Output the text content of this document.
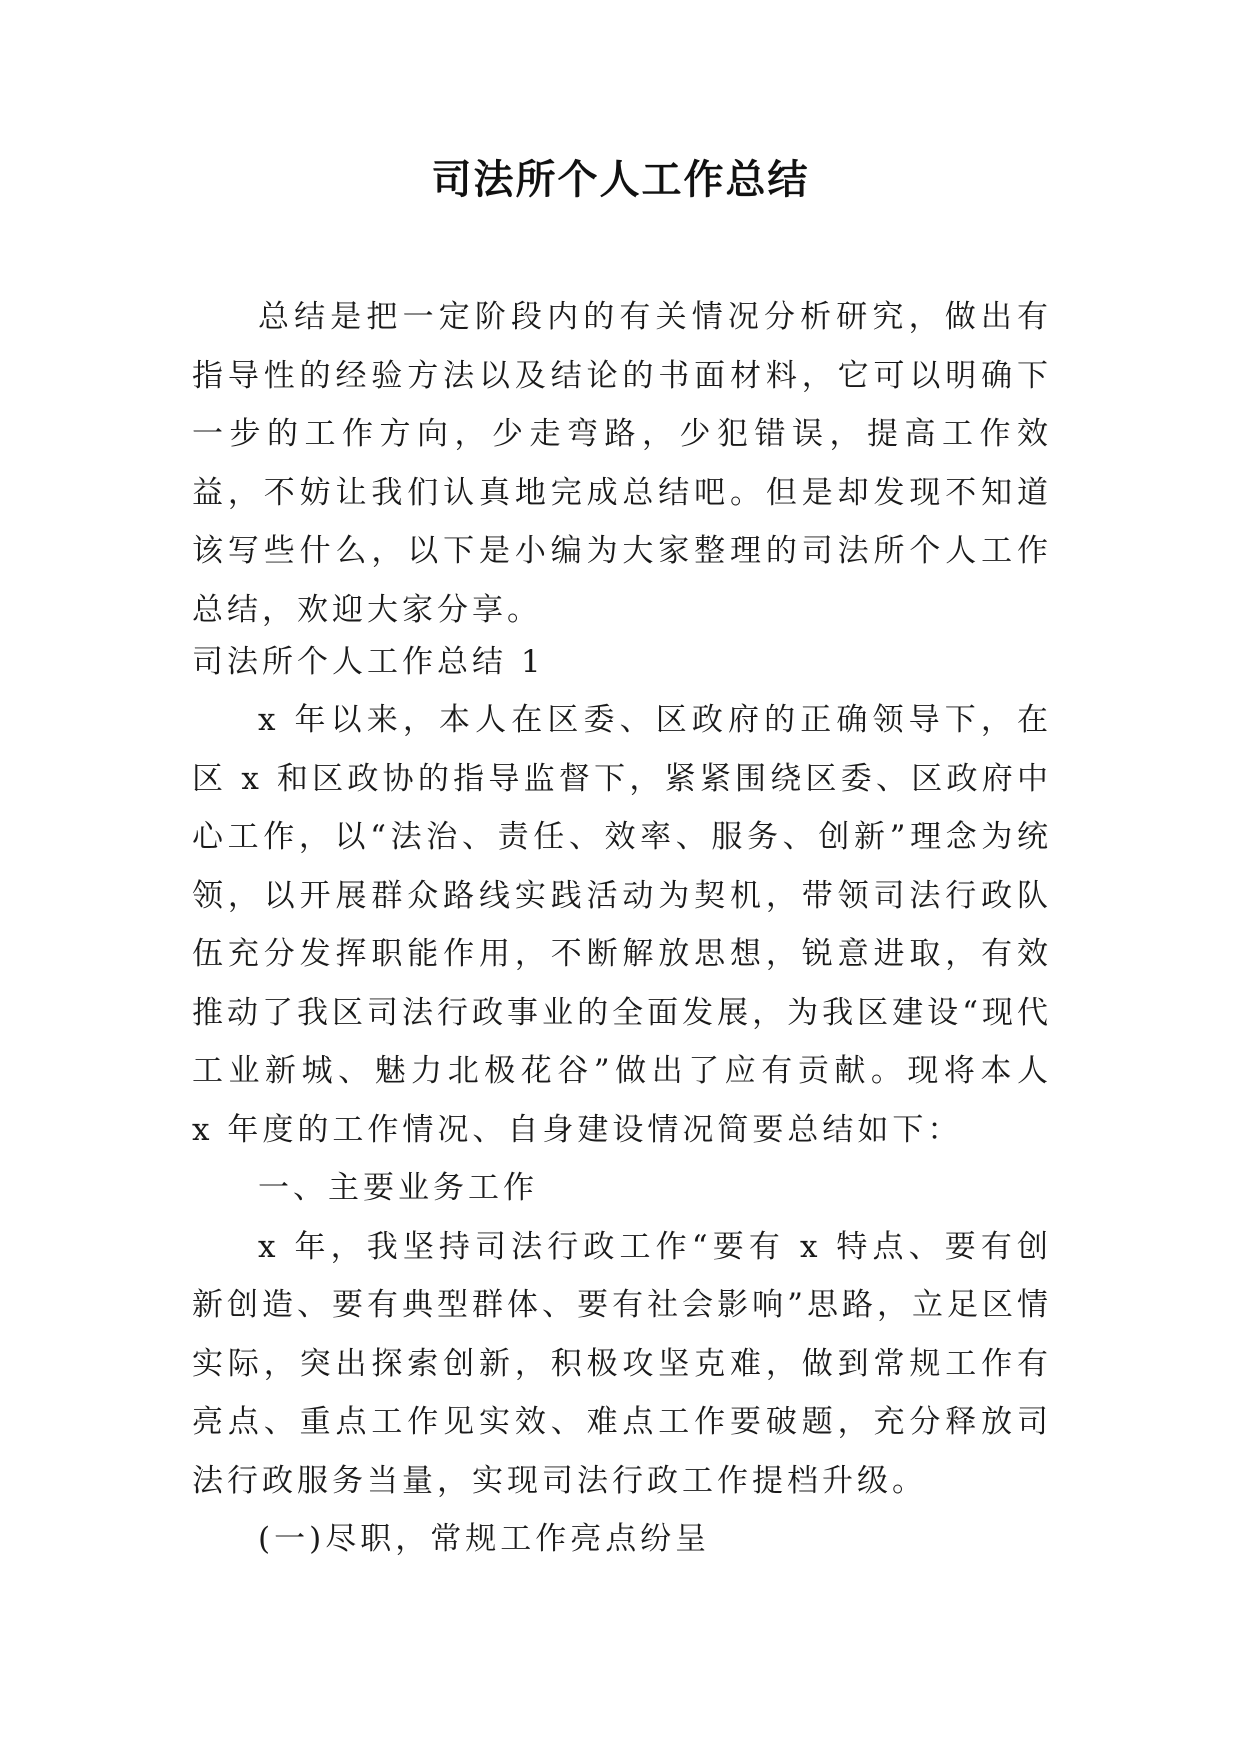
司法所个人工作总结

总结是把一定阶段内的有关情况分析研究，做出有指导性的经验方法以及结论的书面材料，它可以明确下一步的工作方向，少走弯路，少犯错误，提高工作效益，不妨让我们认真地完成总结吧。但是却发现不知道该写些什么，以下是小编为大家整理的司法所个人工作总结，欢迎大家分享。

司法所个人工作总结 1

x 年以来，本人在区委、区政府的正确领导下，在区 x 和区政协的指导监督下，紧紧围绕区委、区政府中心工作，以“法治、责任、效率、服务、创新”理念为统领，以开展群众路线实践活动为契机，带领司法行政队伍充分发挥职能作用，不断解放思想，锐意进取，有效推动了我区司法行政事业的全面发展，为我区建设“现代工业新城、魅力北极花谷”做出了应有贡献。现将本人 x 年度的工作情况、自身建设情况简要总结如下：

一、主要业务工作

x 年，我坚持司法行政工作“要有 x 特点、要有创新创造、要有典型群体、要有社会影响”思路，立足区情实际，突出探索创新，积极攻坚克难，做到常规工作有亮点、重点工作见实效、难点工作要破题，充分释放司法行政服务当量，实现司法行政工作提档升级。

(一)尽职，常规工作亮点纷呈
